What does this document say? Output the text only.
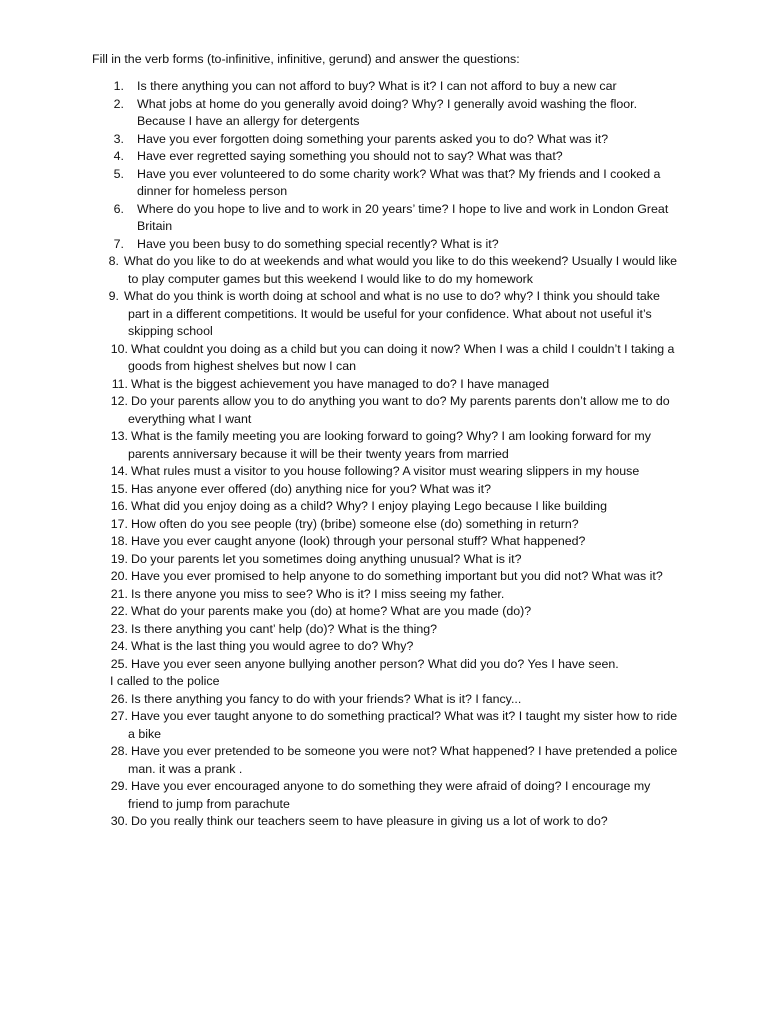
Fill in the verb forms (to-infinitive, infinitive, gerund) and answer the questions:
1.	Is there anything you can not afford to buy? What is it? I can not afford to buy a new car
2.	What jobs at home do you generally avoid doing? Why? I generally avoid washing the floor.
Because I have an allergy for detergents
3.	Have you ever forgotten doing something your parents asked you to do? What was it?
4.	Have ever regretted saying something you should not to say? What was that?
5.	Have you ever volunteered to do some charity work? What was that? My friends and I cooked a
dinner for homeless person
6.	Where do you hope to live and to work in 20 years’ time? I hope to live and work in London Great
Britain
7.	Have you been busy to do something special recently? What is it?
8. What do you like to do at weekends and what would you like to do this weekend? Usually I would like
to play computer games but this weekend I would like to do my homework
9. What do you think is worth doing at school and what is no use to do? why? I think you should take
part in a different competitions. It would be useful for your confidence. What about not useful it’s
skipping school
10. What couldnt you doing as a child but you can doing it now? When I was a child I couldn’t I taking a
goods from highest shelves but now I can
11. What is the biggest achievement you have managed to do? I have managed
12. Do your parents allow you to do anything you want to do? My parents parents don’t allow me to do
everything what I want
13. What is the family meeting you are looking forward to going? Why? I am looking forward for my
parents anniversary because it will be their twenty years from married
14. What rules must a visitor to you house following? A visitor must wearing slippers in my house
15. Has anyone ever offered (do) anything nice for you? What was it?
16. What did you enjoy doing as a child? Why? I enjoy playing Lego because I like building
17. How often do you see people (try) (bribe) someone else (do) something in return?
18. Have you ever caught anyone (look) through your personal stuff? What happened?
19. Do your parents let you sometimes doing anything unusual? What is it?
20. Have you ever promised to help anyone to do something important but you did not? What was it?
21. Is there anyone you miss to see? Who is it? I miss seeing my father.
22. What do your parents make you (do) at home? What are you made (do)?
23. Is there anything you cant’ help (do)? What is the thing?
24. What is the last thing you would agree to do? Why?
25. Have you ever seen anyone bullying another person? What did you do? Yes I have seen.
I called to the police
26. Is there anything you fancy to do with your friends? What is it? I fancy...
27. Have you ever taught anyone to do something practical? What was it? I taught my sister how to ride
a bike
28. Have you ever pretended to be someone you were not? What happened? I have pretended a police
man. it was a prank .
29. Have you ever encouraged anyone to do something they were afraid of doing? I encourage my
friend to jump from parachute
30. Do you really think our teachers seem to have pleasure in giving us a lot of work to do?
